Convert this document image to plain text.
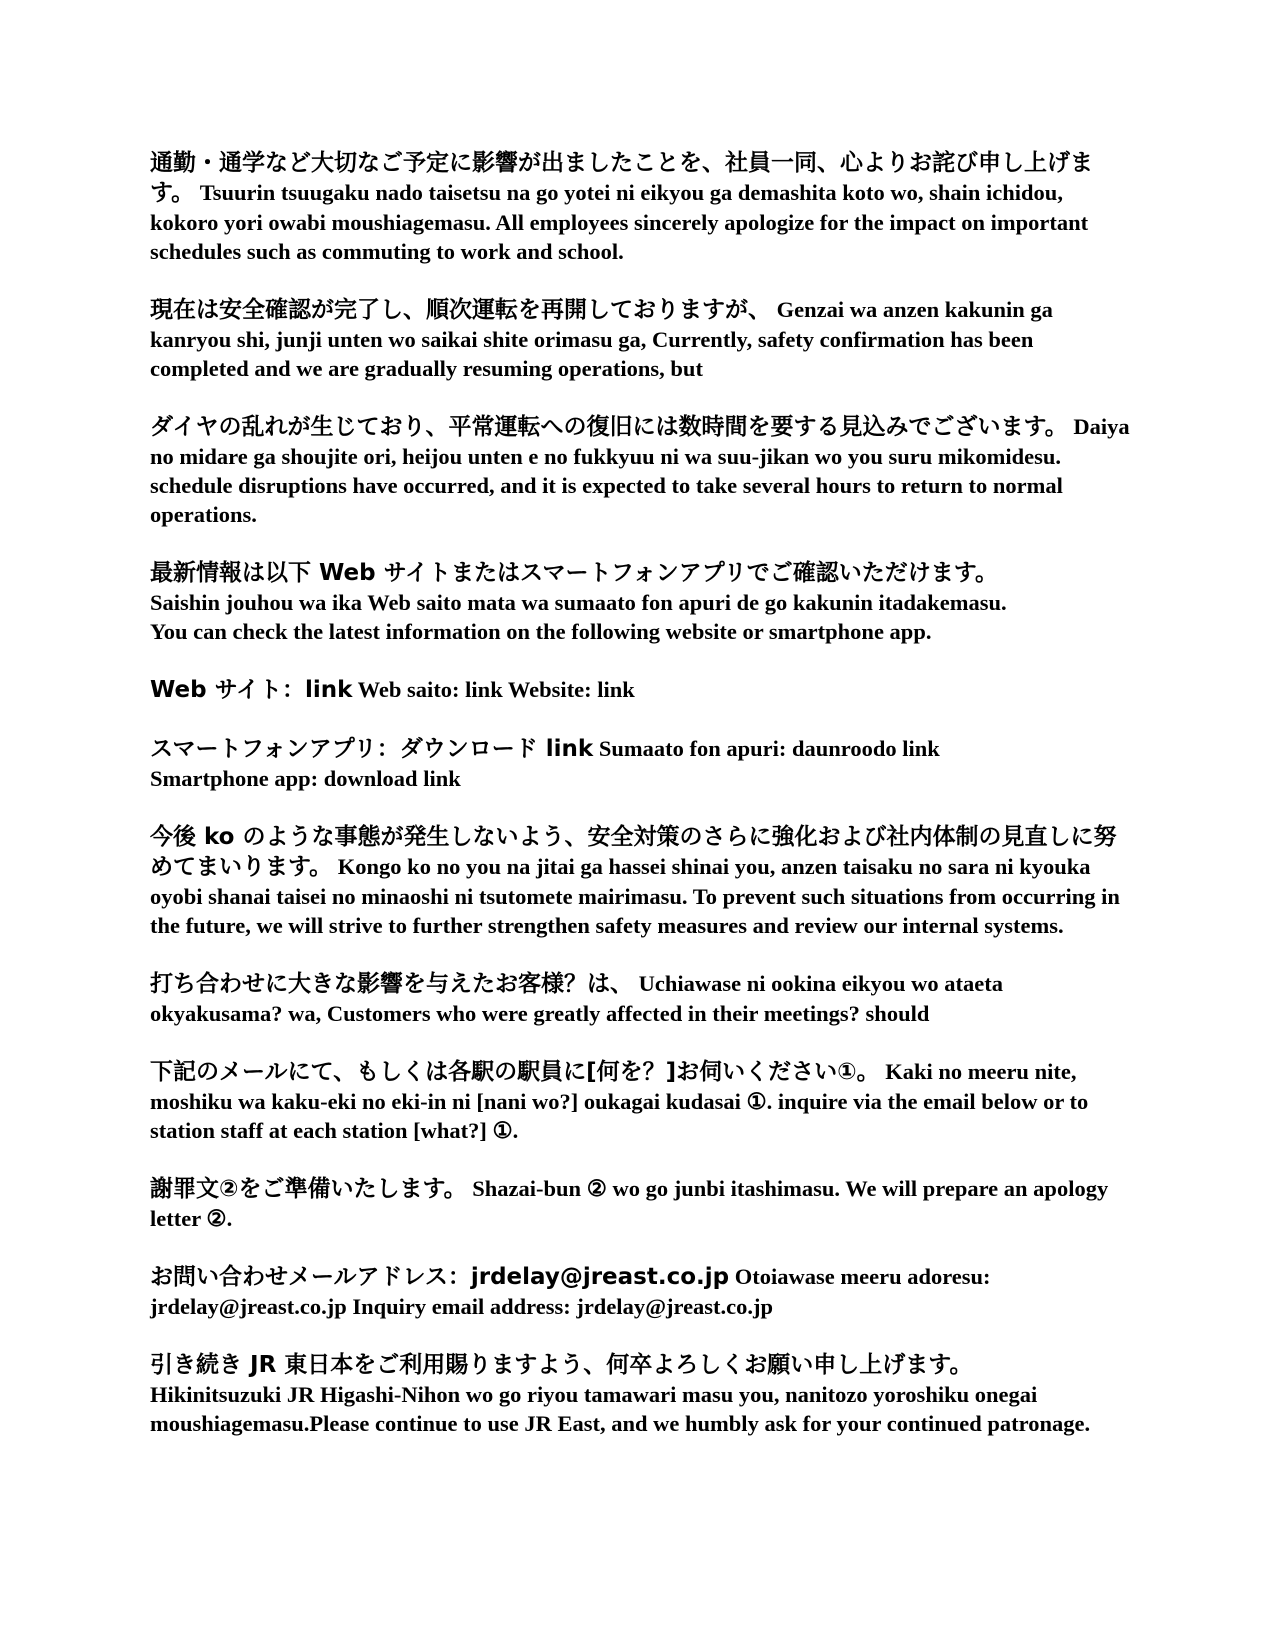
通勤・通学など大切なご予定に影響が出ましたことを、社員一同、心よりお詫び申し上げます。 Tsuurin tsuugaku nado taisetsu na go yotei ni eikyou ga demashita koto wo, shain ichidou, kokoro yori owabi moushiagemasu. All employees sincerely apologize for the impact on important schedules such as commuting to work and school.

現在は安全確認が完了し、順次運転を再開しておりますが、 Genzai wa anzen kakunin ga kanryou shi, junji unten wo saikai shite orimasu ga, Currently, safety confirmation has been completed and we are gradually resuming operations, but

ダイヤの乱れが生じており、平常運転への復旧には数時間を要する見込みでございます。 Daiya no midare ga shoujite ori, heijou unten e no fukkyuu ni wa suu-jikan wo you suru mikomidesu.schedule disruptions have occurred, and it is expected to take several hours to return to normal operations.

最新情報は以下 Web サイトまたはスマートフォンアプリでご確認いただけます。
Saishin jouhou wa ika Web saito mata wa sumaato fon apuri de go kakunin itadakemasu.
You can check the latest information on the following website or smartphone app.

Web サイト：link Web saito: link Website: link

スマートフォンアプリ：ダウンロード link Sumaato fon apuri: daunroodo link
Smartphone app: download link

今後 ko のような事態が発生しないよう、安全対策のさらに強化および社内体制の見直しに努めてまいります。 Kongo ko no you na jitai ga hassei shinai you, anzen taisaku no sara ni kyouka oyobi shanai taisei no minaoshi ni tsutomete mairimasu. To prevent such situations from occurring in the future, we will strive to further strengthen safety measures and review our internal systems.

打ち合わせに大きな影響を与えたお客様？は、 Uchiawase ni ookina eikyou wo ataeta okyakusama? wa, Customers who were greatly affected in their meetings? should

下記のメールにて、もしくは各駅の駅員に[何を？]お伺いください①。 Kaki no meeru nite, moshiku wa kaku-eki no eki-in ni [nani wo?] oukagai kudasai ①. inquire via the email below or to station staff at each station [what?] ①.

謝罪文②をご準備いたします。 Shazai-bun ② wo go junbi itashimasu. We will prepare an apology letter ②.

お問い合わせメールアドレス：jrdelay@jreast.co.jp Otoiawase meeru adoresu: jrdelay@jreast.co.jp Inquiry email address: jrdelay@jreast.co.jp

引き続き JR 東日本をご利用賜りますよう、何卒よろしくお願い申し上げます。
Hikinitsuzuki JR Higashi-Nihon wo go riyou tamawari masu you, nanitozo yoroshiku onegai moushiagemasu.Please continue to use JR East, and we humbly ask for your continued patronage.
